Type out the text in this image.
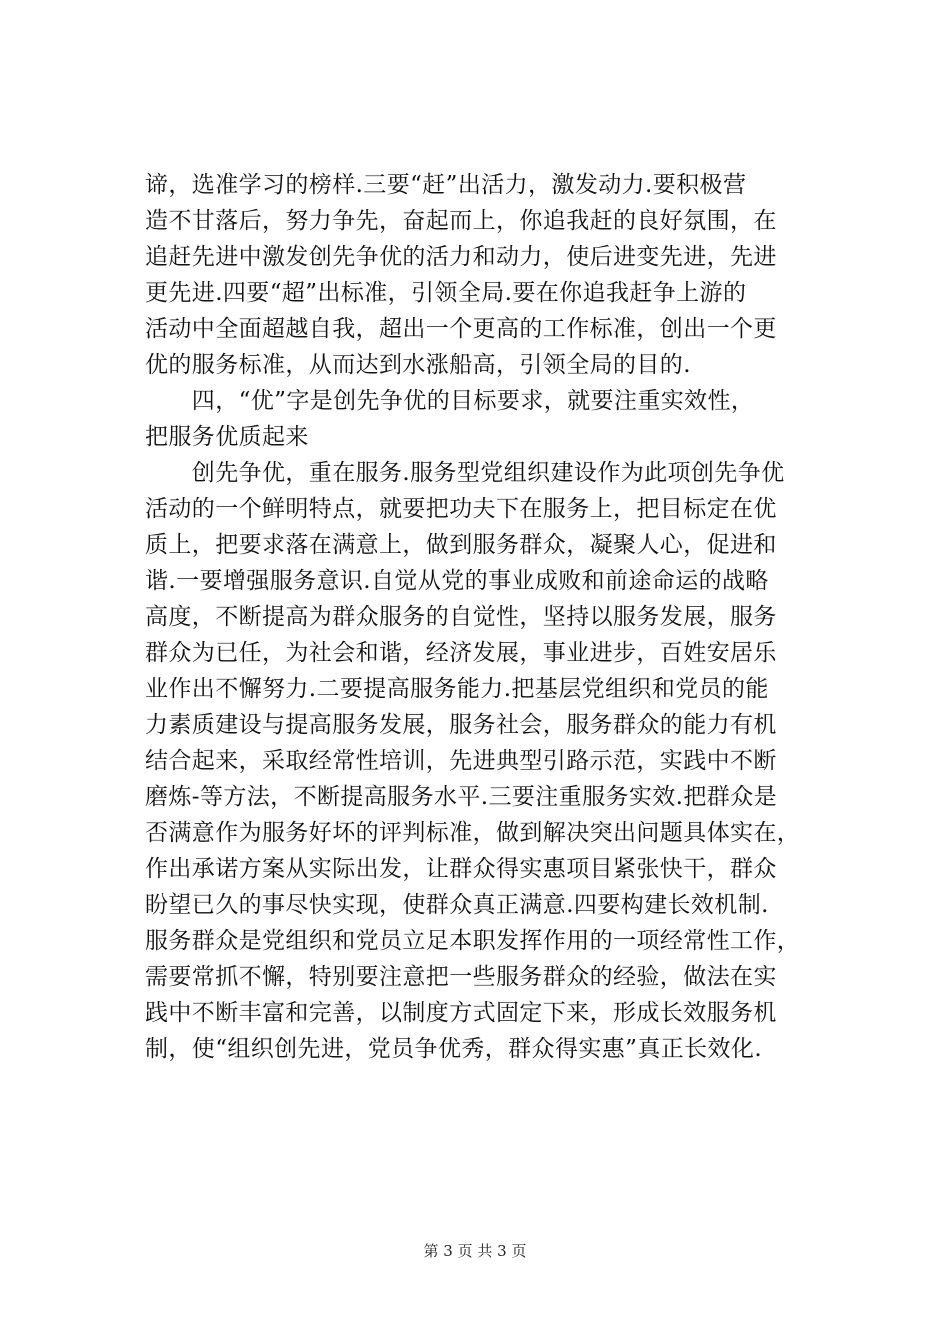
谛，选准学习的榜样.三要“赶”出活力，激发动力.要积极营
造不甘落后，努力争先，奋起而上，你追我赶的良好氛围，在
追赶先进中激发创先争优的活力和动力，使后进变先进，先进
更先进.四要“超”出标准，引领全局.要在你追我赶争上游的
活动中全面超越自我，超出一个更高的工作标准，创出一个更
优的服务标准，从而达到水涨船高，引领全局的目的.
　　四，“优”字是创先争优的目标要求，就要注重实效性，
把服务优质起来
　　创先争优，重在服务.服务型党组织建设作为此项创先争优
活动的一个鲜明特点，就要把功夫下在服务上，把目标定在优
质上，把要求落在满意上，做到服务群众，凝聚人心，促进和
谐.一要增强服务意识.自觉从党的事业成败和前途命运的战略
高度，不断提高为群众服务的自觉性，坚持以服务发展，服务
群众为已任，为社会和谐，经济发展，事业进步，百姓安居乐
业作出不懈努力.二要提高服务能力.把基层党组织和党员的能
力素质建设与提高服务发展，服务社会，服务群众的能力有机
结合起来，采取经常性培训，先进典型引路示范，实践中不断
磨炼-等方法，不断提高服务水平.三要注重服务实效.把群众是
否满意作为服务好坏的评判标准，做到解决突出问题具体实在，
作出承诺方案从实际出发，让群众得实惠项目紧张快干，群众
盼望已久的事尽快实现，使群众真正满意.四要构建长效机制.
服务群众是党组织和党员立足本职发挥作用的一项经常性工作，
需要常抓不懈，特别要注意把一些服务群众的经验，做法在实
践中不断丰富和完善，以制度方式固定下来，形成长效服务机
制，使“组织创先进，党员争优秀，群众得实惠”真正长效化.
第 3 页 共 3 页
